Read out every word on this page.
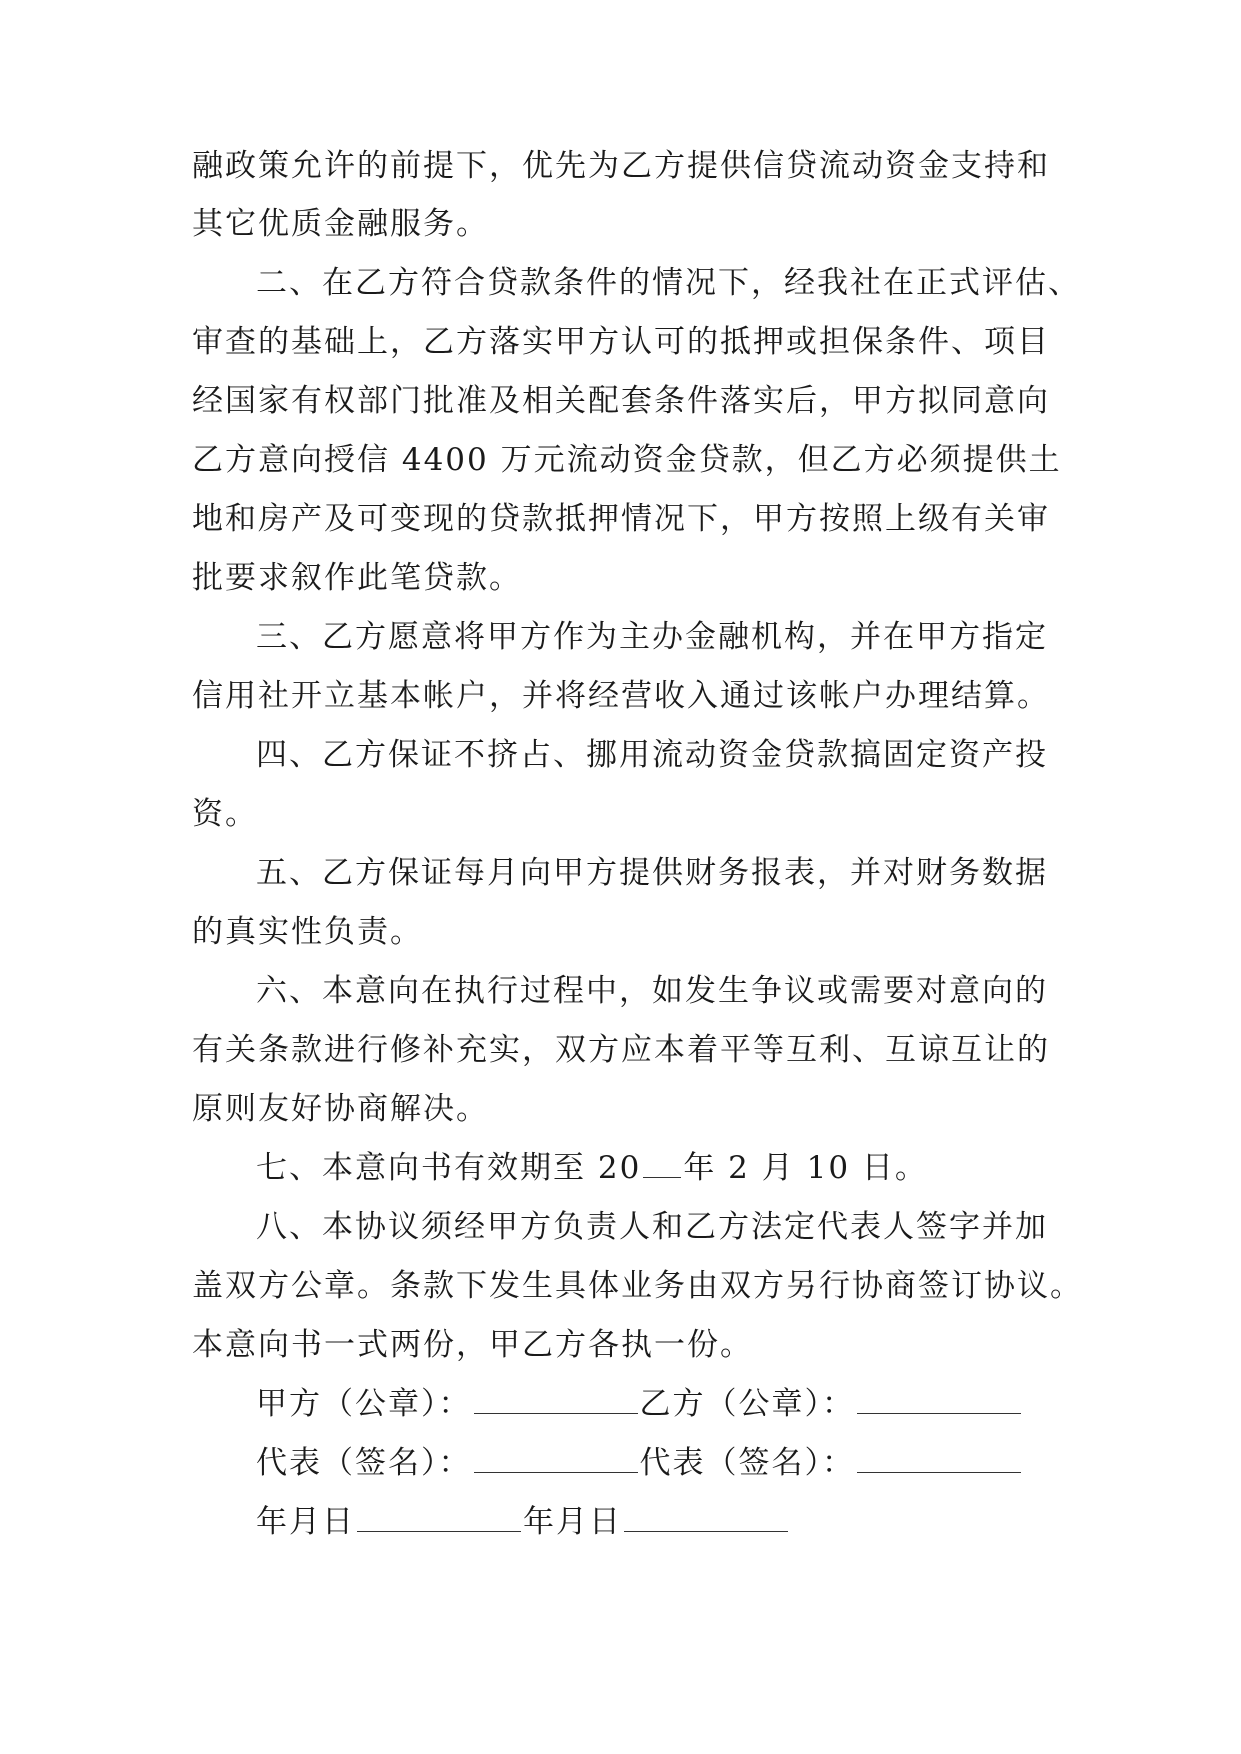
融政策允许的前提下，优先为乙方提供信贷流动资金支持和
其它优质金融服务。
二、在乙方符合贷款条件的情况下，经我社在正式评估、
审查的基础上，乙方落实甲方认可的抵押或担保条件、项目
经国家有权部门批准及相关配套条件落实后，甲方拟同意向
乙方意向授信 4400 万元流动资金贷款，但乙方必须提供土
地和房产及可变现的贷款抵押情况下，甲方按照上级有关审
批要求叙作此笔贷款。
三、乙方愿意将甲方作为主办金融机构，并在甲方指定
信用社开立基本帐户，并将经营收入通过该帐户办理结算。
四、乙方保证不挤占、挪用流动资金贷款搞固定资产投
资。
五、乙方保证每月向甲方提供财务报表，并对财务数据
的真实性负责。
六、本意向在执行过程中，如发生争议或需要对意向的
有关条款进行修补充实，双方应本着平等互利、互谅互让的
原则友好协商解决。
七、本意向书有效期至 20 年 2 月 10 日。
八、本协议须经甲方负责人和乙方法定代表人签字并加
盖双方公章。条款下发生具体业务由双方另行协商签订协议。
本意向书一式两份，甲乙方各执一份。
甲方（公章）：	乙方（公章）：
代表（签名）：	代表（签名）：
年月日	年月日
